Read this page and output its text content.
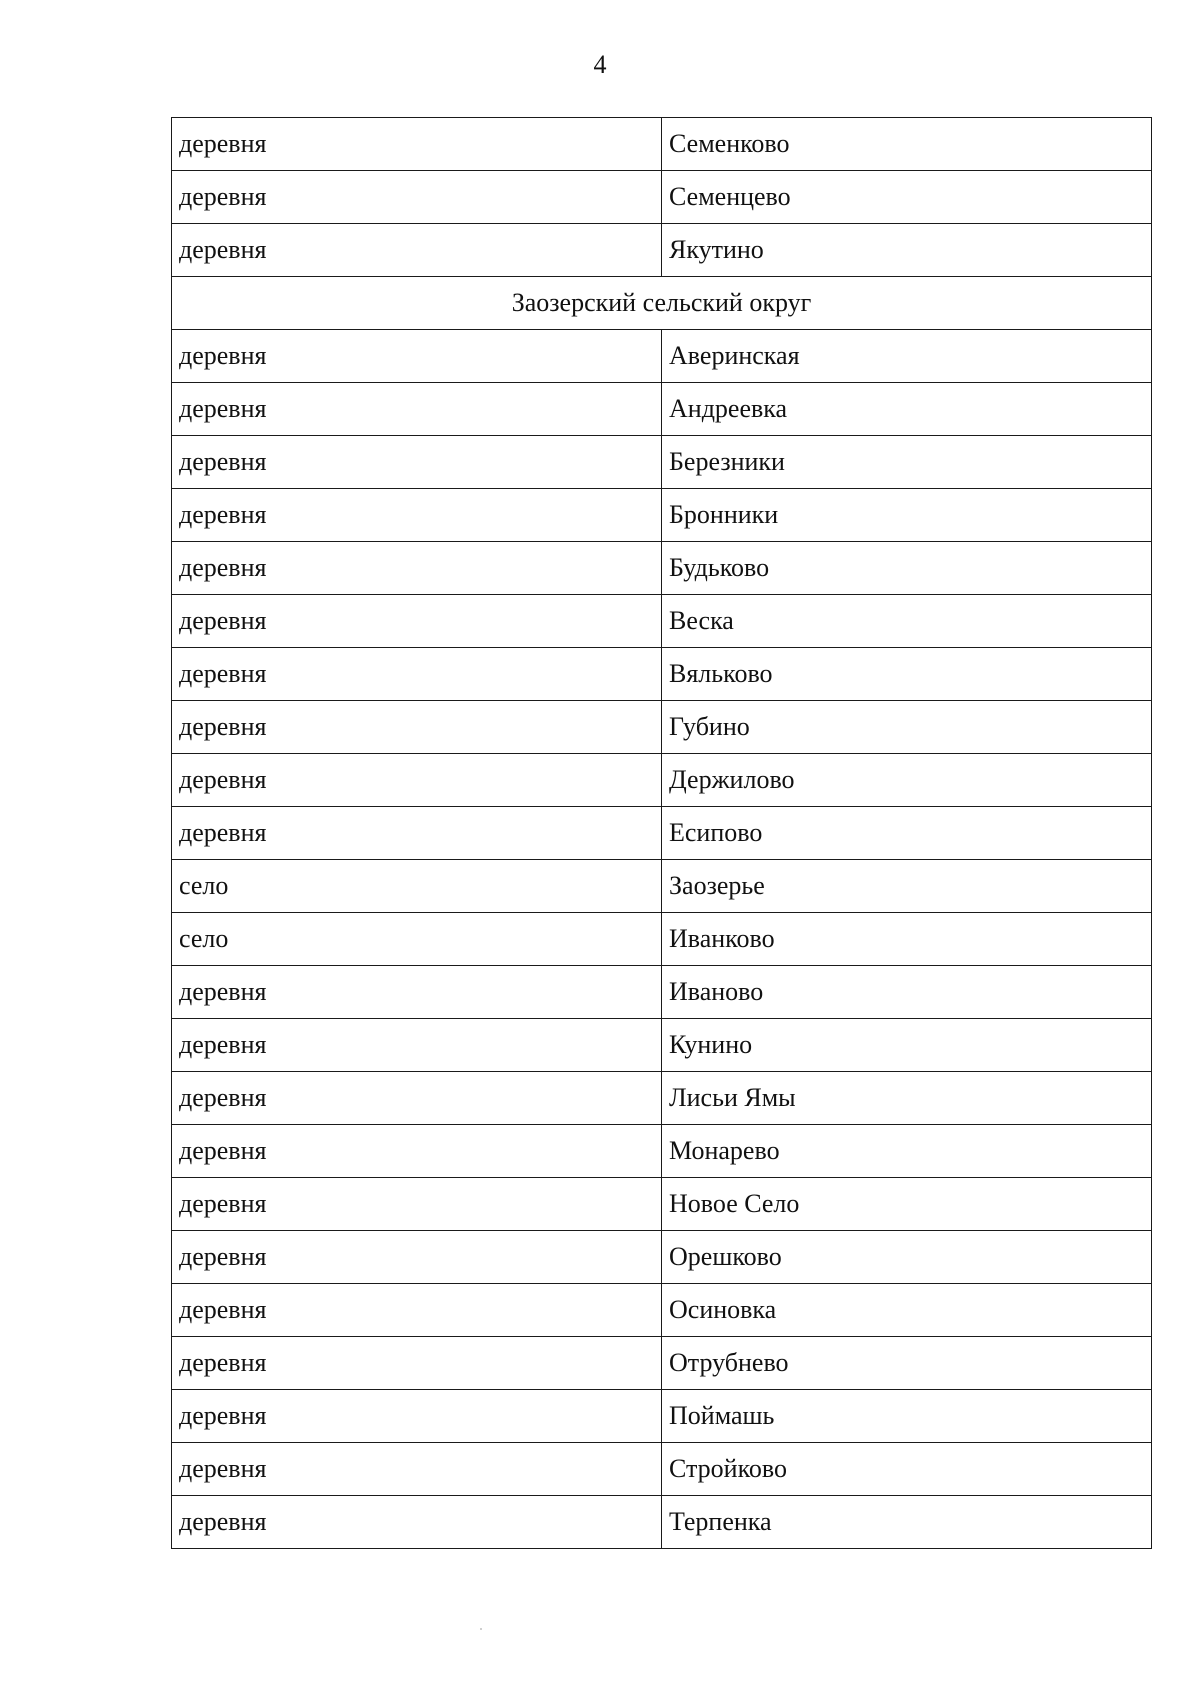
4
деревня	Семенково
деревня	Семенцево
деревня	Якутино
Заозерский сельский округ	
деревня	Аверинская
деревня	Андреевка
деревня	Березники
деревня	Бронники
деревня	Будьково
деревня	Веска
деревня	Вяльково
деревня	Губино
деревня	Держилово
деревня	Есипово
село	Заозерье
село	Иванково
деревня	Иваново
деревня	Кунино
деревня	Лисьи Ямы
деревня	Монарево
деревня	Новое Село
деревня	Орешково
деревня	Осиновка
деревня	Отрубнево
деревня	Поймашь
деревня	Стройково
деревня	Терпенка
